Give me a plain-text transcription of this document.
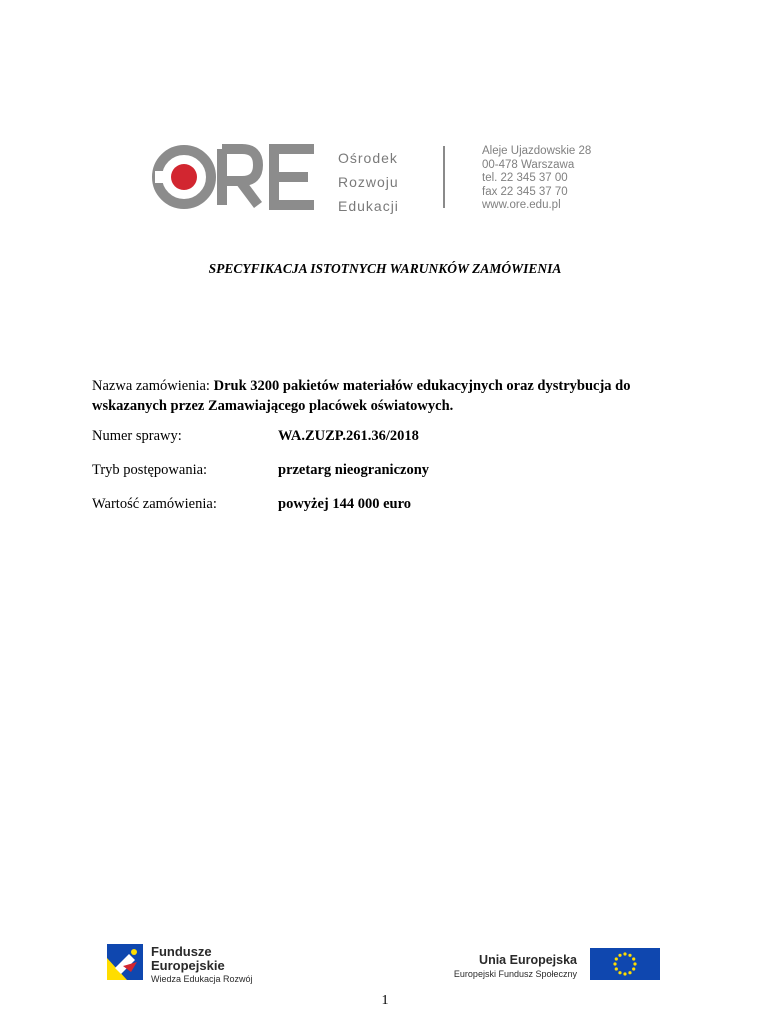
Ośrodek
Rozwoju
Edukacji
Aleje Ujazdowskie 28
00-478 Warszawa
tel. 22 345 37 00
fax 22 345 37 70
www.ore.edu.pl
SPECYFIKACJA ISTOTNYCH WARUNKÓW ZAMÓWIENIA
Nazwa zamówienia: Druk 3200 pakietów materiałów edukacyjnych oraz dystrybucja do wskazanych przez Zamawiającego placówek oświatowych.
Numer sprawy:	WA.ZUZP.261.36/2018
Tryb postępowania:	przetarg nieograniczony
Wartość zamówienia:	powyżej 144 000 euro
Fundusze
Europejskie
Wiedza Edukacja Rozwój
Unia Europejska
Europejski Fundusz Społeczny
1
